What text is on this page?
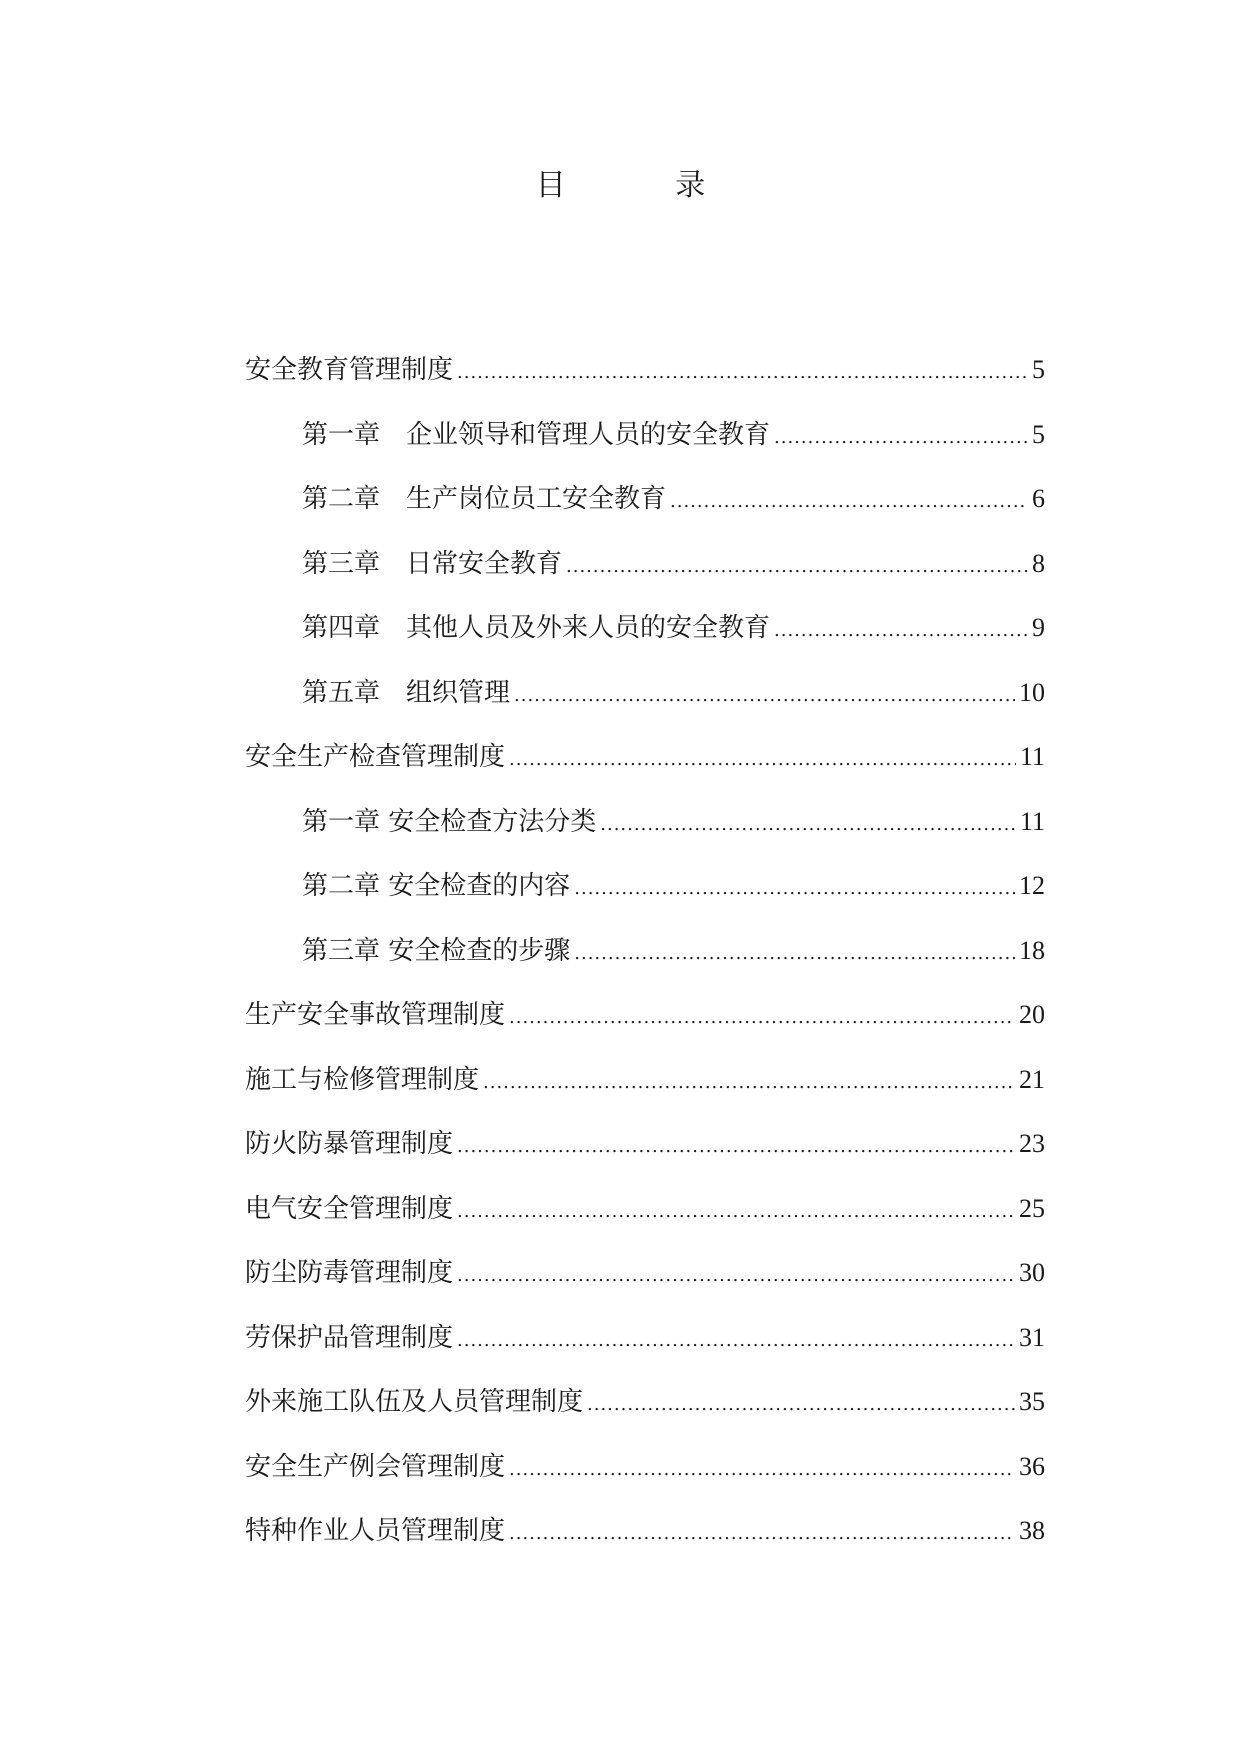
目 录
安全教育管理制度 .....	5
第一章　企业领导和管理人员的安全教育 .....	5
第二章　生产岗位员工安全教育 .....	6
第三章　日常安全教育 .....	8
第四章　其他人员及外来人员的安全教育 .....	9
第五章　组织管理 .....	10
安全生产检查管理制度 .....	11
第一章 安全检查方法分类 .....	11
第二章 安全检查的内容 .....	12
第三章 安全检查的步骤 .....	18
生产安全事故管理制度 .....	20
施工与检修管理制度 .....	21
防火防暴管理制度 .....	23
电气安全管理制度 .....	25
防尘防毒管理制度 .....	30
劳保护品管理制度 .....	31
外来施工队伍及人员管理制度 .....	35
安全生产例会管理制度 .....	36
特种作业人员管理制度 .....	38
